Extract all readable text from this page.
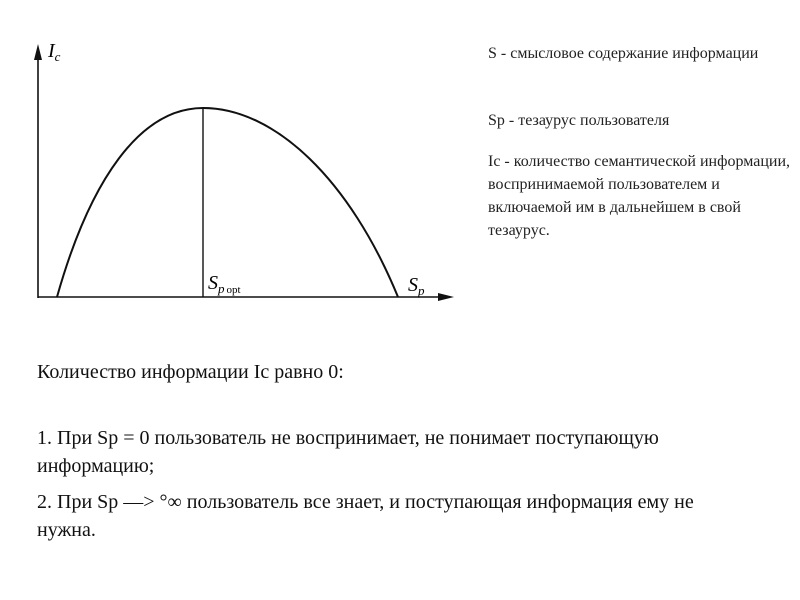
$I_c$
$S_p$
$S_p$ opt

S - смысловое содержание информации

Sp - тезаурус пользователя

Ic - количество семантической информации, воспринимаемой пользователем и включаемой им в дальнейшем в свой тезаурус.

Количество информации Ic равно 0:
1. При Sp = 0 пользователь не воспринимает, не понимает поступающую информацию;
2. При Sp —> °∞ пользователь все знает, и поступающая информация ему не нужна.
